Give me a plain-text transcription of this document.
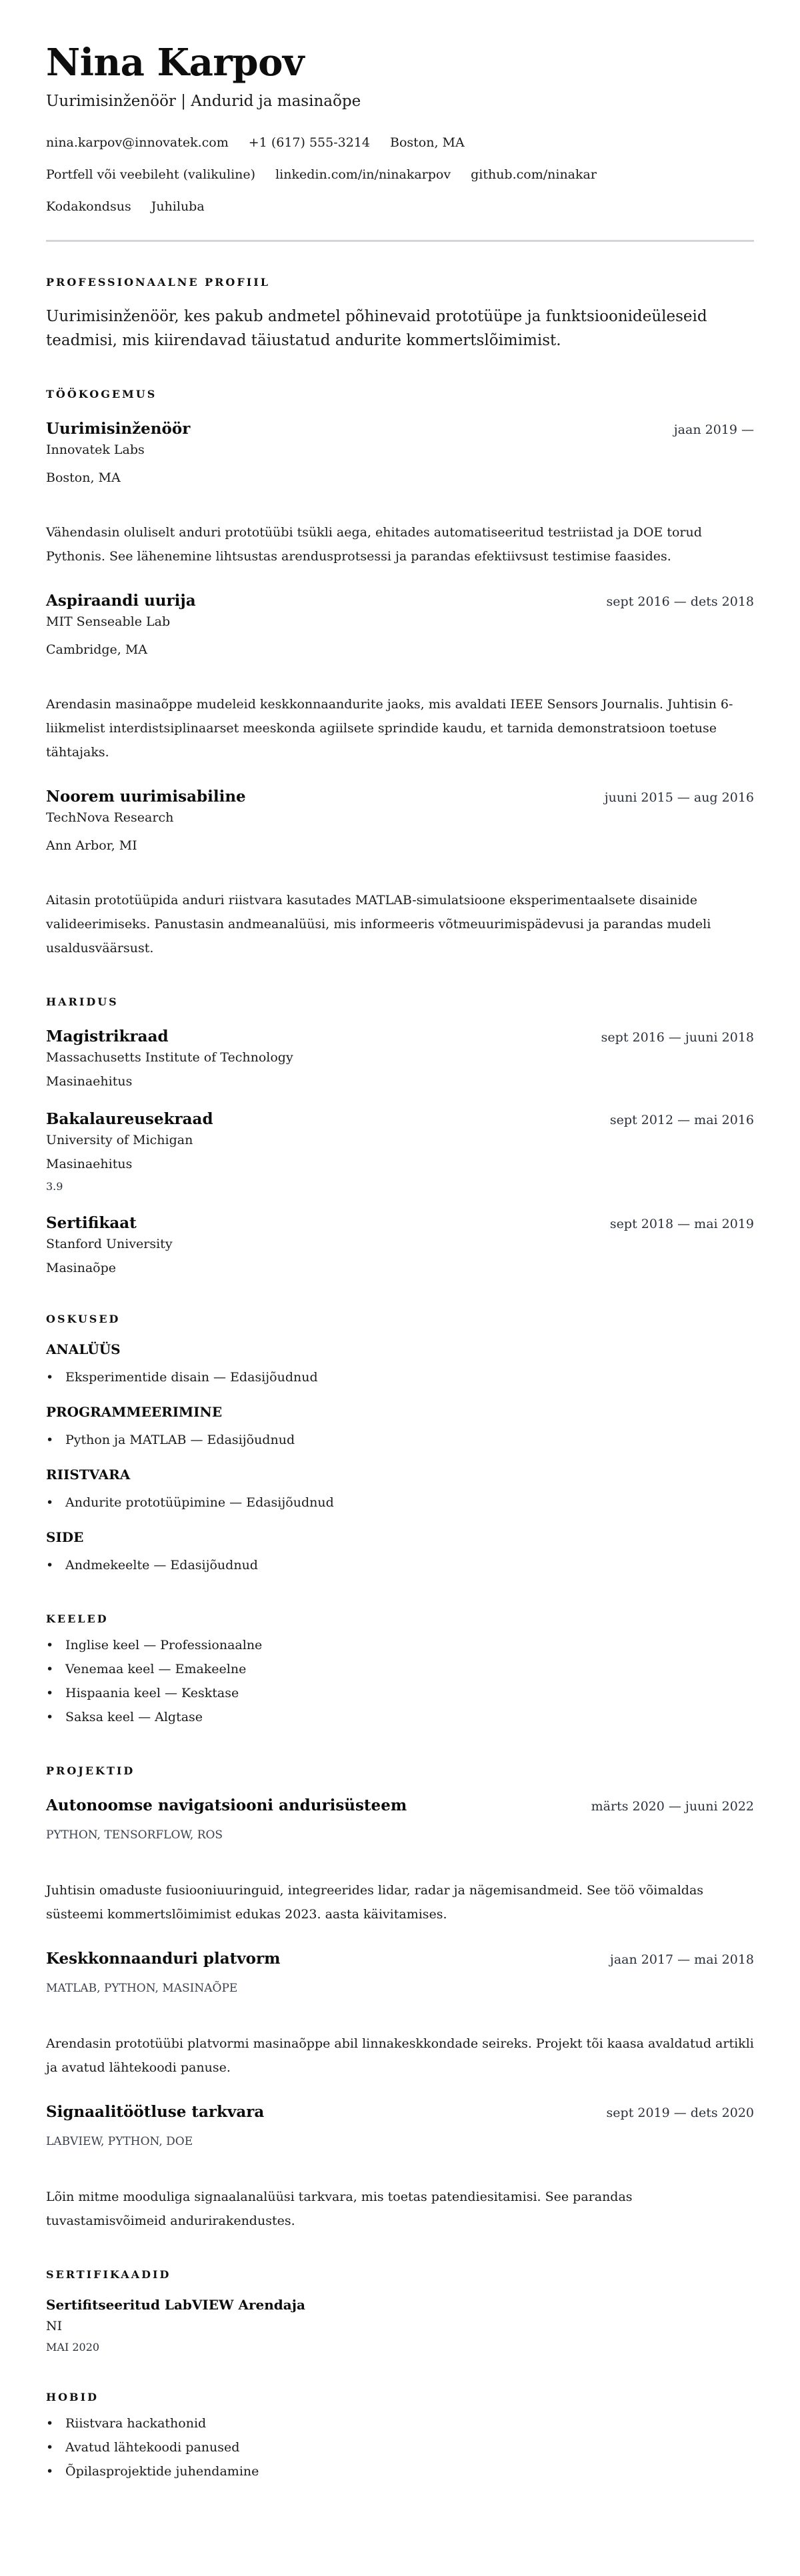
Nina Karpov
Uurimisinženöör | Andurid ja masinaõpe
nina.karpov@innovatek.com +1 (617) 555-3214 Boston, MA
Portfell või veebileht (valikuline) linkedin.com/in/ninakarpov github.com/ninakar
Kodakondsus Juhiluba
PROFESSIONAALNE PROFIIL

Uurimisinženöör, kes pakub andmetel põhinevaid prototüüpe ja funktsioonideüleseid teadmisi, mis kiirendavad täiustatud andurite kommertslõimimist.

TÖÖKOGEMUS
Uurimisinženöör	jaan 2019 —
Innovatek Labs
Boston, MA

Vähendasin oluliselt anduri prototüübi tsükli aega, ehitades automatiseeritud testriistad ja DOE torud Pythonis. See lähenemine lihtsustas arendusprotsessi ja parandas efektiivsust testimise faasides.

Aspiraandi uurija	sept 2016 — dets 2018
MIT Senseable Lab
Cambridge, MA

Arendasin masinaõppe mudeleid keskkonnaandurite jaoks, mis avaldati IEEE Sensors Journalis. Juhtisin 6-liikmelist interdistsiplinaarset meeskonda agiilsete sprindide kaudu, et tarnida demonstratsioon toetuse tähtajaks.

Noorem uurimisabiline	juuni 2015 — aug 2016
TechNova Research
Ann Arbor, MI

Aitasin prototüüpida anduri riistvara kasutades MATLAB-simulatsioone eksperimentaalsete disainide valideerimiseks. Panustasin andmeanalüüsi, mis informeeris võtmeuurimispädevusi ja parandas mudeli usaldusväärsust.

HARIDUS
Magistrikraad	sept 2016 — juuni 2018
Massachusetts Institute of Technology
Masinaehitus
Bakalaureusekraad	sept 2012 — mai 2016
University of Michigan
Masinaehitus
3.9
Sertifikaat	sept 2018 — mai 2019
Stanford University
Masinaõpe
OSKUSED
ANALÜÜS
• Eksperimentide disain — Edasijõudnud
PROGRAMMEERIMINE
• Python ja MATLAB — Edasijõudnud
RIISTVARA
• Andurite prototüüpimine — Edasijõudnud
SIDE
• Andmekeelte — Edasijõudnud
KEELED
• Inglise keel — Professionaalne
• Venemaa keel — Emakeelne
• Hispaania keel — Kesktase
• Saksa keel — Algtase
PROJEKTID
Autonoomse navigatsiooni andurisüsteem	märts 2020 — juuni 2022
PYTHON, TENSORFLOW, ROS

Juhtisin omaduste fusiooniuuringuid, integreerides lidar, radar ja nägemisandmeid. See töö võimaldas süsteemi kommertslõimimist edukas 2023. aasta käivitamises.

Keskkonnaanduri platvorm	jaan 2017 — mai 2018
MATLAB, PYTHON, MASINAÕPE

Arendasin prototüübi platvormi masinaõppe abil linnakeskkondade seireks. Projekt tõi kaasa avaldatud artikli ja avatud lähtekoodi panuse.

Signaalitöötluse tarkvara	sept 2019 — dets 2020
LABVIEW, PYTHON, DOE

Lõin mitme mooduliga signaalanalüüsi tarkvara, mis toetas patendiesitamisi. See parandas tuvastamisvõimeid andurirakendustes.

SERTIFIKAADID
Sertifitseeritud LabVIEW Arendaja
NI
MAI 2020
HOBID
• Riistvara hackathonid
• Avatud lähtekoodi panused
• Õpilasprojektide juhendamine
